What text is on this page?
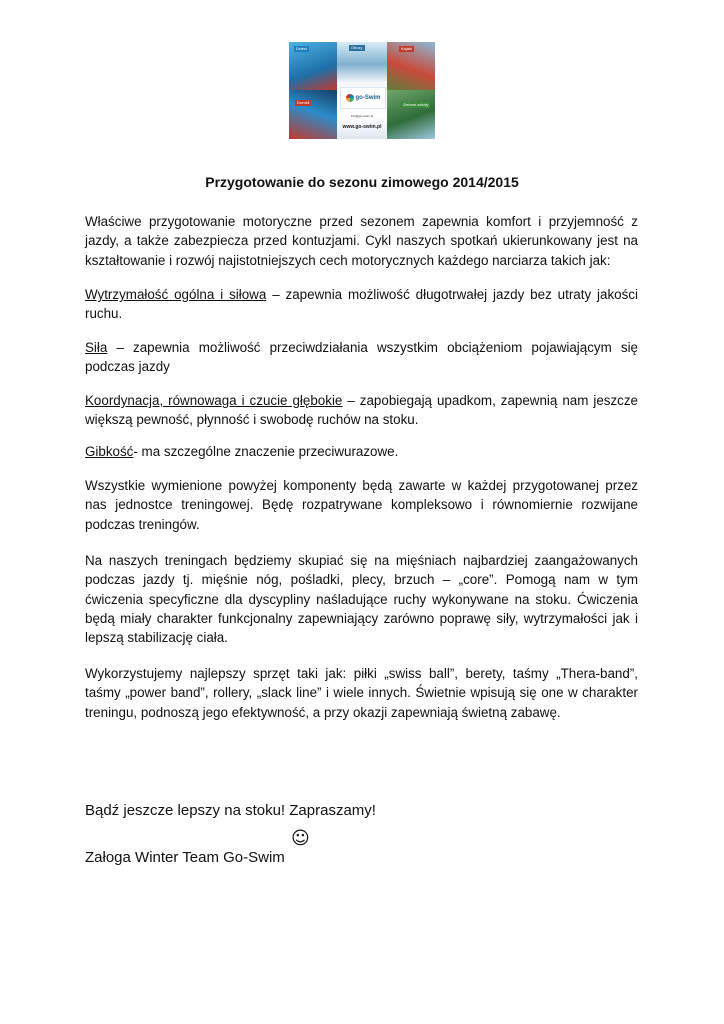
Dzieci	Obozy	Kajaki
Dorośli	Zielone szkoły
go-Swim
info@go-swim.pl
www.go-swim.pl
Przygotowanie do sezonu zimowego 2014/2015

Właściwe przygotowanie motoryczne przed sezonem zapewnia komfort i przyjemność z jazdy, a także zabezpiecza przed kontuzjami. Cykl naszych spotkań ukierunkowany jest na kształtowanie i rozwój najistotniejszych cech motorycznych każdego narciarza takich jak:

Wytrzymałość ogólna i siłowa – zapewnia możliwość długotrwałej jazdy bez utraty jakości ruchu.

Siła – zapewnia możliwość przeciwdziałania wszystkim obciążeniom pojawiającym się podczas jazdy

Koordynacja, równowaga i czucie głębokie – zapobiegają upadkom, zapewnią nam jeszcze większą pewność, płynność i swobodę ruchów na stoku.

Gibkość- ma szczególne znaczenie przeciwurazowe.

Wszystkie wymienione powyżej komponenty będą zawarte w każdej przygotowanej przez nas jednostce treningowej. Będę rozpatrywane kompleksowo i równomiernie rozwijane podczas treningów.

Na naszych treningach będziemy skupiać się na mięśniach najbardziej zaangażowanych podczas jazdy tj. mięśnie nóg, pośladki, plecy, brzuch – „core”. Pomogą nam w tym ćwiczenia specyficzne dla dyscypliny naśladujące ruchy wykonywane na stoku. Ćwiczenia będą miały charakter funkcjonalny zapewniający zarówno poprawę siły, wytrzymałości jak i lepszą stabilizację ciała.

Wykorzystujemy najlepszy sprzęt taki jak: piłki „swiss ball”, berety, taśmy „Thera-band”, taśmy „power band”, rollery, „slack line” i wiele innych. Świetnie wpisują się one w charakter treningu, podnoszą jego efektywność, a przy okazji zapewniają świetną zabawę.

Bądź jeszcze lepszy na stoku! Zapraszamy!
☺
Załoga Winter Team Go-Swim
